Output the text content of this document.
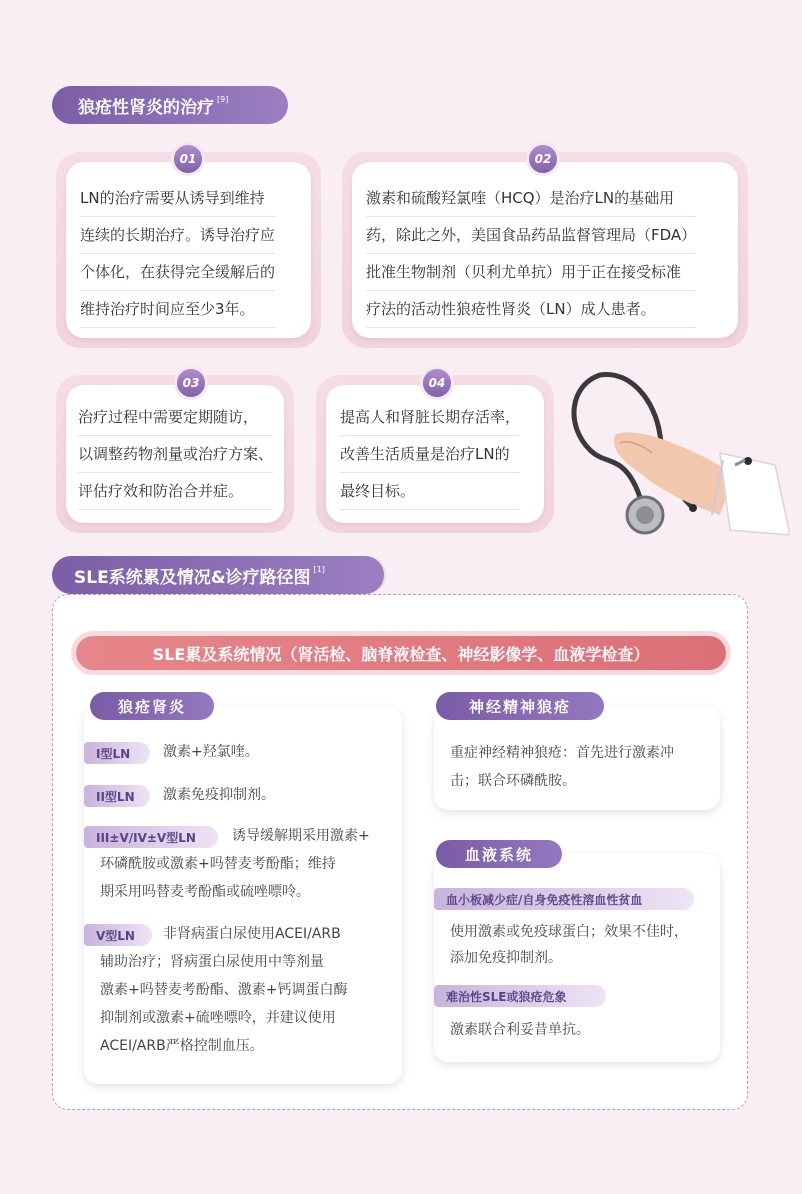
狼疮性肾炎的治疗 [9]
LN的治疗需要从诱导到维持
连续的长期治疗。诱导治疗应
个体化，在获得完全缓解后的
维持治疗时间应至少3年。
01
激素和硫酸羟氯喹（HCQ）是治疗LN的基础用
药，除此之外，美国食品药品监督管理局（FDA）
批准生物制剂（贝利尤单抗）用于正在接受标准
疗法的活动性狼疮性肾炎（LN）成人患者。
02
治疗过程中需要定期随访，
以调整药物剂量或治疗方案、
评估疗效和防治合并症。
03
提高人和肾脏长期存活率，
改善生活质量是治疗LN的
最终目标。
04
SLE系统累及情况&诊疗路径图 [1]
SLE累及系统情况（肾活检、脑脊液检查、神经影像学、血液学检查）
狼疮肾炎
I型LN	激素+羟氯喹。
II型LN	激素免疫抑制剂。
III±V/IV±V型LN	诱导缓解期采用激素+
环磷酰胺或激素+吗替麦考酚酯；维持
期采用吗替麦考酚酯或硫唑嘌呤。
V型LN	非肾病蛋白尿使用ACEI/ARB
辅助治疗；肾病蛋白尿使用中等剂量
激素+吗替麦考酚酯、激素+钙调蛋白酶
抑制剂或激素+硫唑嘌呤，并建议使用
ACEI/ARB严格控制血压。
神经精神狼疮
重症神经精神狼疮：首先进行激素冲
击；联合环磷酰胺。
血液系统
血小板减少症/自身免疫性溶血性贫血
使用激素或免疫球蛋白；效果不佳时，
添加免疫抑制剂。
难治性SLE或狼疮危象
激素联合利妥昔单抗。
